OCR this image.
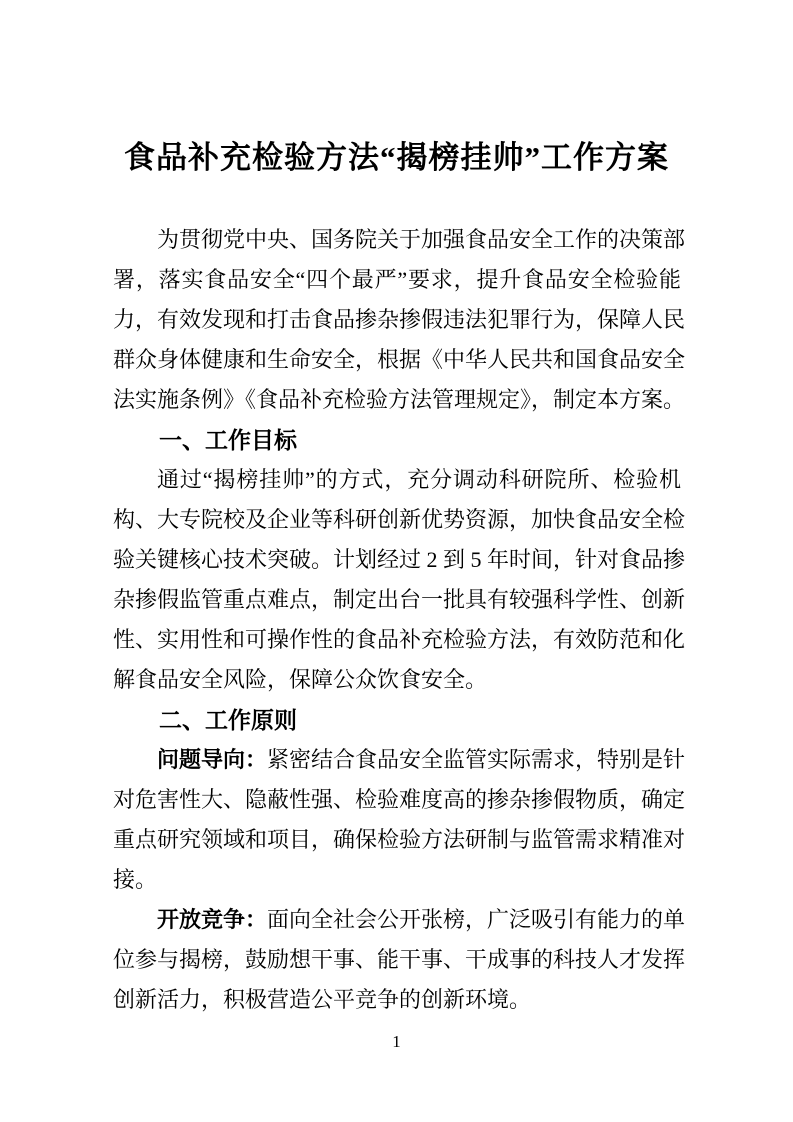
食品补充检验方法“揭榜挂帅”工作方案
为贯彻党中央、国务院关于加强食品安全工作的决策部
署，落实食品安全“四个最严”要求，提升食品安全检验能
力，有效发现和打击食品掺杂掺假违法犯罪行为，保障人民
群众身体健康和生命安全，根据《中华人民共和国食品安全
法实施条例》《食品补充检验方法管理规定》，制定本方案。
一、工作目标
通过“揭榜挂帅”的方式，充分调动科研院所、检验机
构、大专院校及企业等科研创新优势资源，加快食品安全检
验关键核心技术突破。计划经过 2 到 5 年时间，针对食品掺
杂掺假监管重点难点，制定出台一批具有较强科学性、创新
性、实用性和可操作性的食品补充检验方法，有效防范和化
解食品安全风险，保障公众饮食安全。
二、工作原则
问题导向：紧密结合食品安全监管实际需求，特别是针
对危害性大、隐蔽性强、检验难度高的掺杂掺假物质，确定
重点研究领域和项目，确保检验方法研制与监管需求精准对
接。
开放竞争：面向全社会公开张榜，广泛吸引有能力的单
位参与揭榜，鼓励想干事、能干事、干成事的科技人才发挥
创新活力，积极营造公平竞争的创新环境。
1
